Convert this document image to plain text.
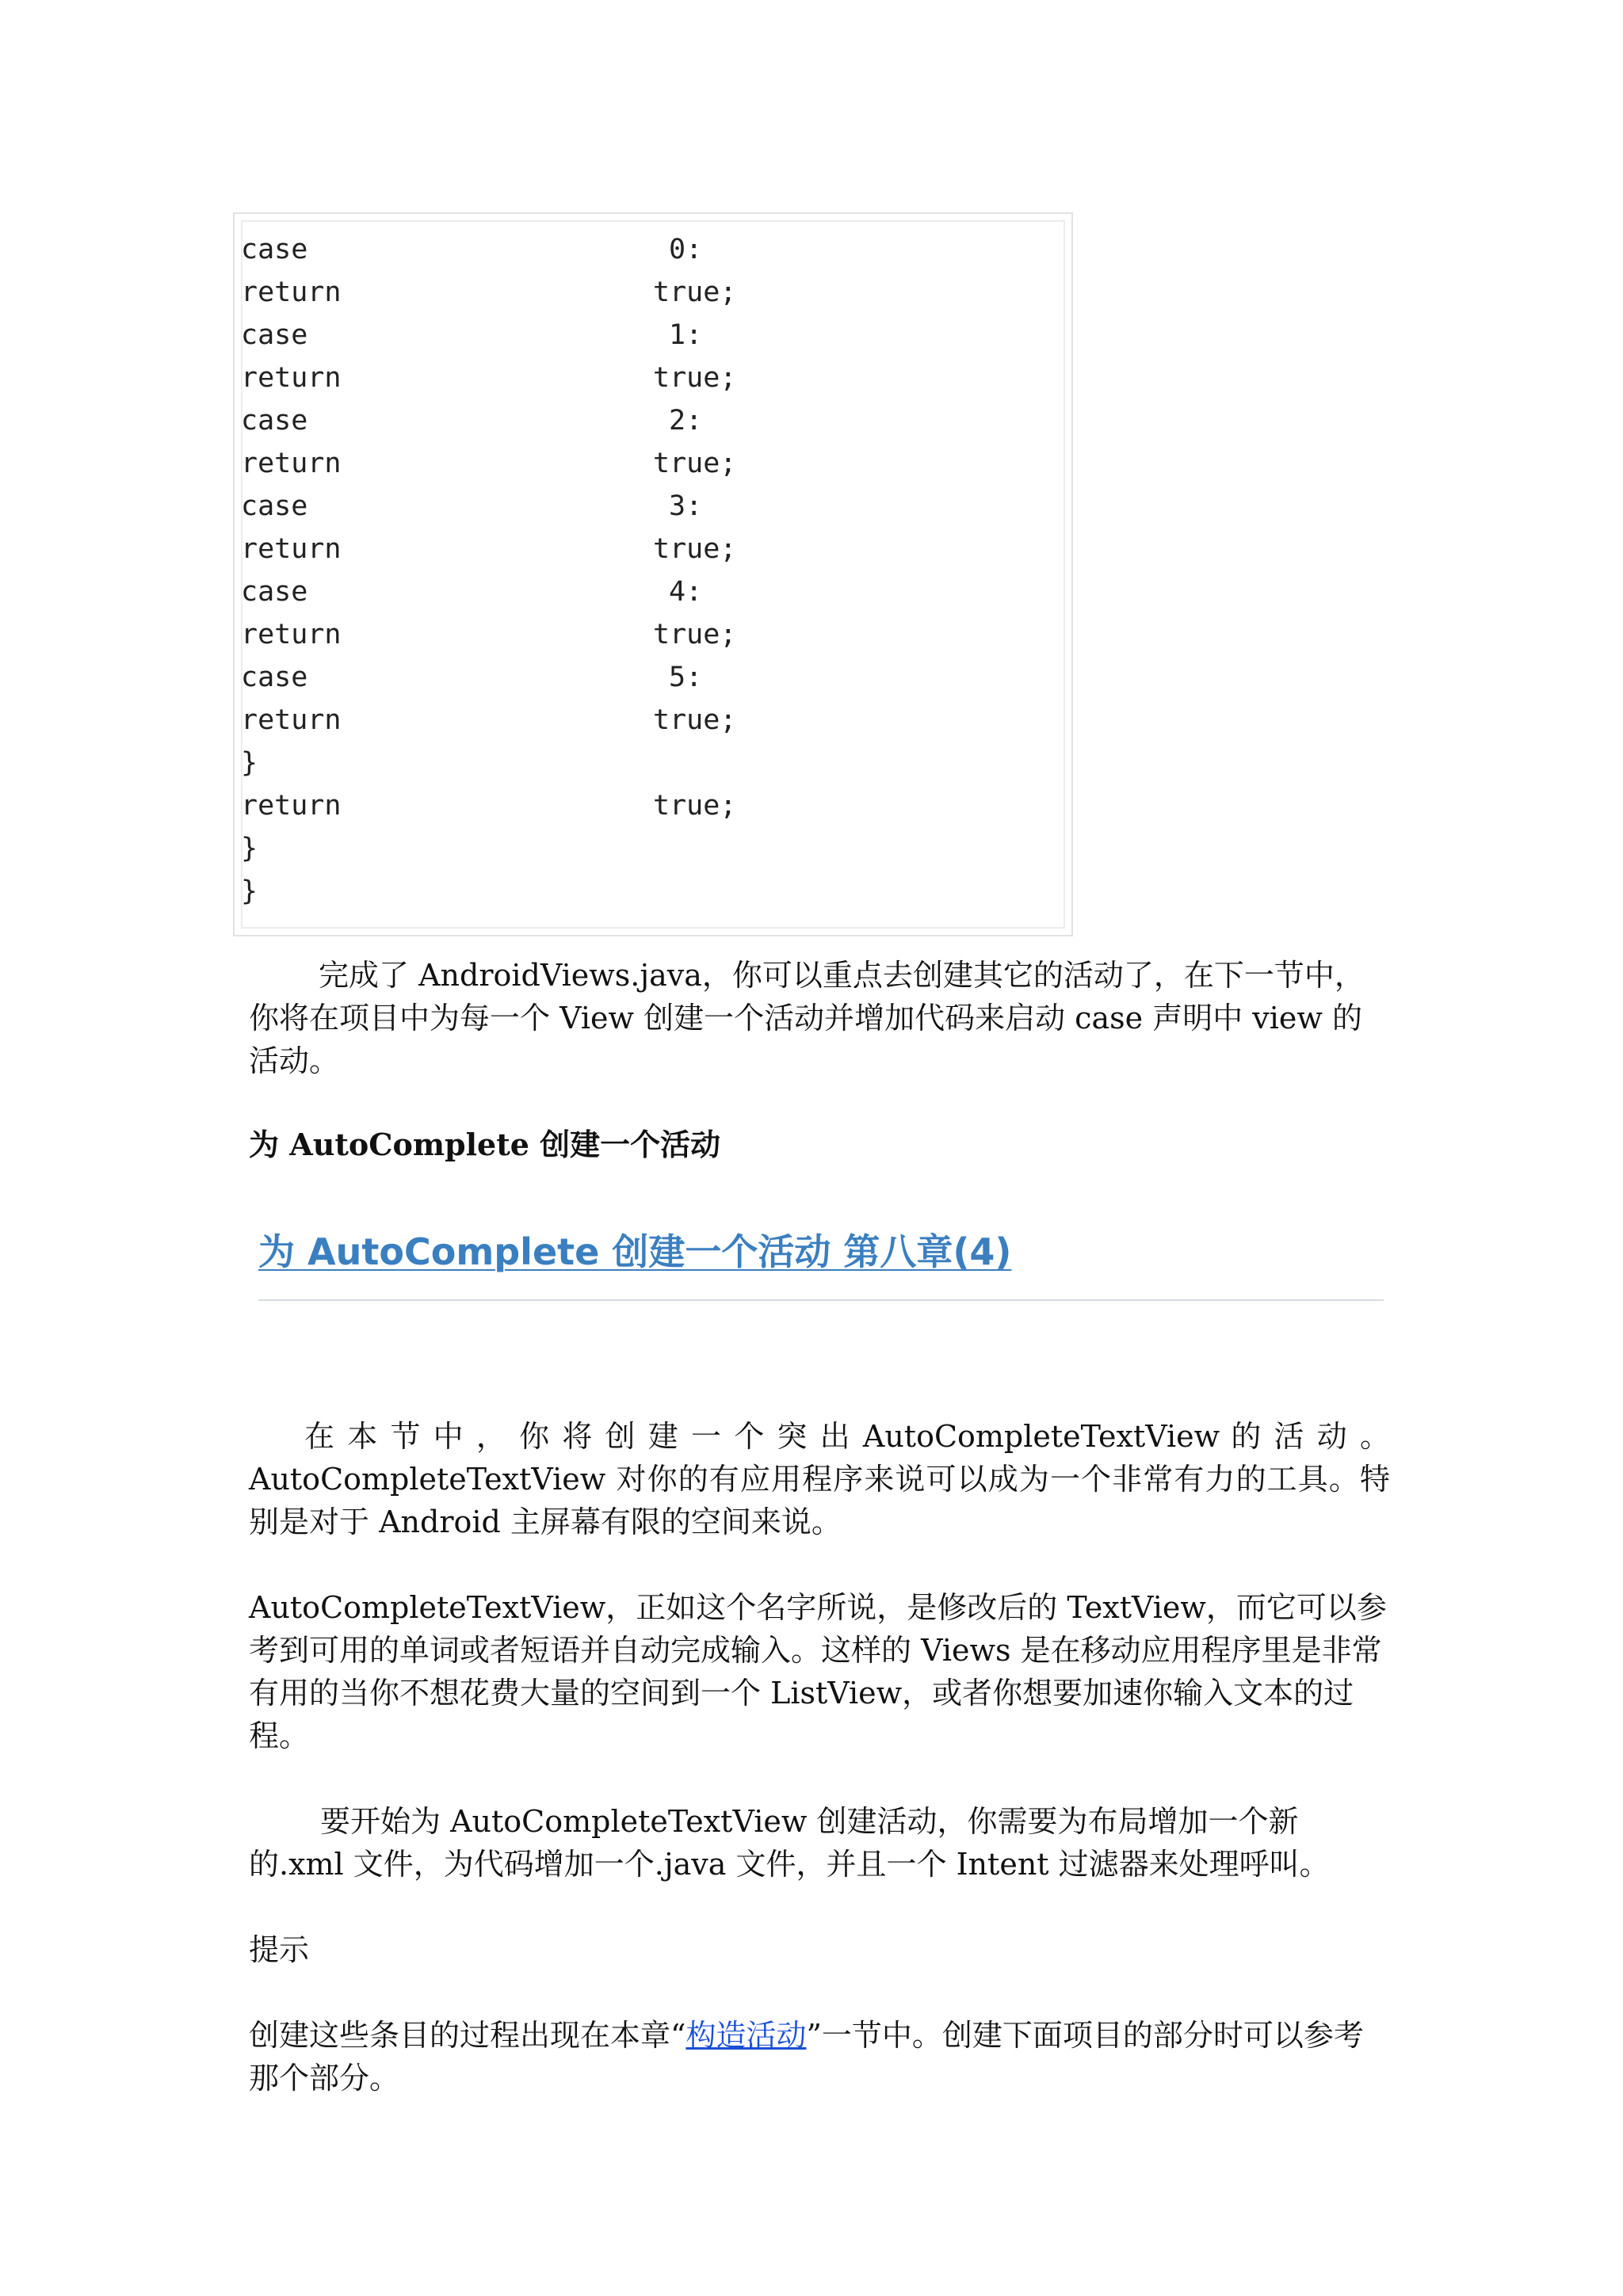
case	0:
return	true;
case	1:
return	true;
case	2:
return	true;
case	3:
return	true;
case	4:
return	true;
case	5:
return	true;
}
return	true;
}
}

完成了 AndroidViews.java，你可以重点去创建其它的活动了，在下一节中，你将在项目中为每一个 View 创建一个活动并增加代码来启动 case 声明中 view 的活动。

为 AutoComplete 创建一个活动

为 AutoComplete 创建一个活动 第八章(4)

在 本 节 中 ， 你 将 创 建 一 个 突 出 AutoCompleteTextView 的 活 动 。AutoCompleteTextView 对你的有应用程序来说可以成为一个非常有力的工具。特别是对于 Android 主屏幕有限的空间来说。

AutoCompleteTextView，正如这个名字所说，是修改后的 TextView，而它可以参考到可用的单词或者短语并自动完成输入。这样的 Views 是在移动应用程序里是非常有用的当你不想花费大量的空间到一个 ListView，或者你想要加速你输入文本的过程。

要开始为 AutoCompleteTextView 创建活动，你需要为布局增加一个新的.xml 文件，为代码增加一个.java 文件，并且一个 Intent 过滤器来处理呼叫。

提示

创建这些条目的过程出现在本章“构造活动”一节中。创建下面项目的部分时可以参考那个部分。
